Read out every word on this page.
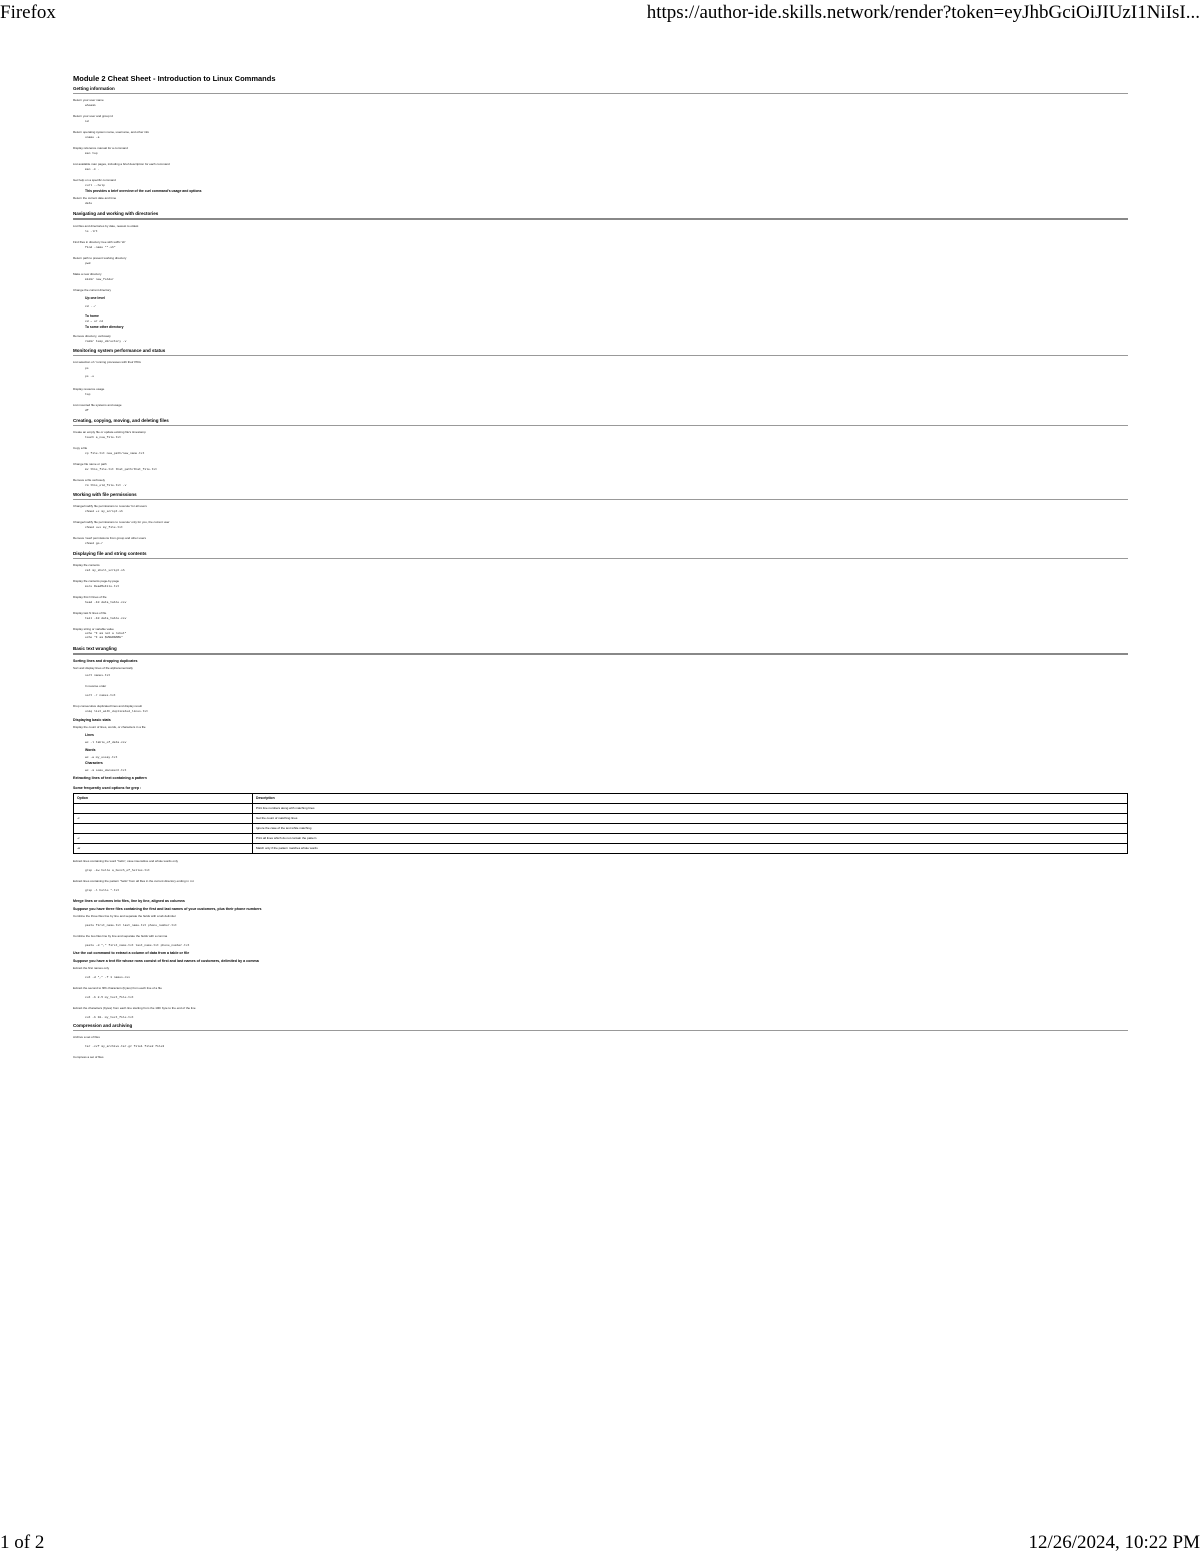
Firefox	https://author-ide.skills.network/render?token=eyJhbGciOiJIUzI1NiIsI...
Module 2 Cheat Sheet - Introduction to Linux Commands
Getting information
Return your user name
whoami
Return your user and group id
id
Return operating system name, username, and other info
uname -a
Display reference manual for a command
man top
List available man pages, including a brief description for each command
man -k .
Get help on a specific command
curl --help
This provides a brief overview of the curl command's usage and options
Return the current date and time
date
Navigating and working with directories
List files and directories by date, newest to oldest
ls -lrt
Find files in directory tree with suffix 'sh'
find -name "*.sh"
Return path to present working directory
pwd
Make a new directory
mkdir new_folder
Change the current directory
Up one level
cd ../
To home
cd ~ or cd
To some other directory
Remove directory, verbosely
rmdir temp_directory -v
Monitoring system performance and status
List selection of / running processes with their PIDs
ps
ps -e
Display resource usage
top
List mounted file systems and usage
df
Creating, copying, moving, and deleting files
Create an empty file or update existing file's timestamp
touch a_new_file.txt
Copy a file
cp file.txt new_path/new_name.txt
Change file name or path
mv this_file.txt that_path/that_file.txt
Remove a file verbosely
rm this_old_file.txt -v
Working with file permissions
Change/modify file permissions to 'execute' for all users
chmod +x my_script.sh
Change/modify file permissions to 'execute' only for you, the current user
chmod u+x my_file.txt
Remove 'read' permissions from group and other users
chmod go-r
Displaying file and string contents
Display file contents
cat my_shell_script.sh
Display file contents page-by-page
more ReadMeFile.txt
Display first N lines of file
head -10 data_table.csv
Display last N lines of file
tail -10 data_table.csv
Display string or variable value
echo "I am not a robot"
echo "I am $USERNAME"
Basic text wrangling
Sorting lines and dropping duplicates
Sort and display lines of file alphanumerically
sort names.txt
In reverse order
sort -r names.txt
Drop consecutive duplicated lines and display result
uniq list_with_duplicated_lines.txt
Displaying basic stats
Display the count of lines, words, or characters in a file
Lines
wc -l table_of_data.csv
Words
wc -w my_essay.txt
Characters
wc -m some_document.txt
Extracting lines of text containing a pattern
Some frequently used options for grep :
Option	Description
-n	Print line numbers along with matching lines
-c	Get the count of matching lines
-i	Ignore the case of the text while matching
-v	Print all lines which do not contain the pattern
-w	Match only if the pattern matches whole words
Extract lines containing the word "hello", case insensitive and whole words only
grep -iw hello a_bunch_of_hellos.txt
Extract lines containing the pattern "hello" from all files in the current directory ending in .txt
grep -l hello *.txt
Merge lines or columns into files, line by line, aligned as columns
Suppose you have three files containing the first and last names of your customers, plus their phone numbers
Combine the three files line by line and separate the fields with a tab delimiter
paste first_name.txt last_name.txt phone_number.txt
Combine the two files line by line and separate the fields with a comma
paste -d "," first_name.txt last_name.txt phone_number.txt
Use the cut command to extract a column of data from a table or file
Suppose you have a text file whose rows consist of first and last names of customers, delimited by a comma
Extract the first names only
cut -d "," -f 1 names.csv
Extract the second to fifth characters (bytes) from each line of a file
cut -b 2-5 my_text_file.txt
Extract the characters (bytes) from each line starting from the 10th byte to the end of the line
cut -b 10- my_text_file.txt
Compression and archiving
Archive a set of files
tar -cvf my_archive.tar.gz file1 file2 file3
Compress a set of files
1 of 2	12/26/2024, 10:22 PM
